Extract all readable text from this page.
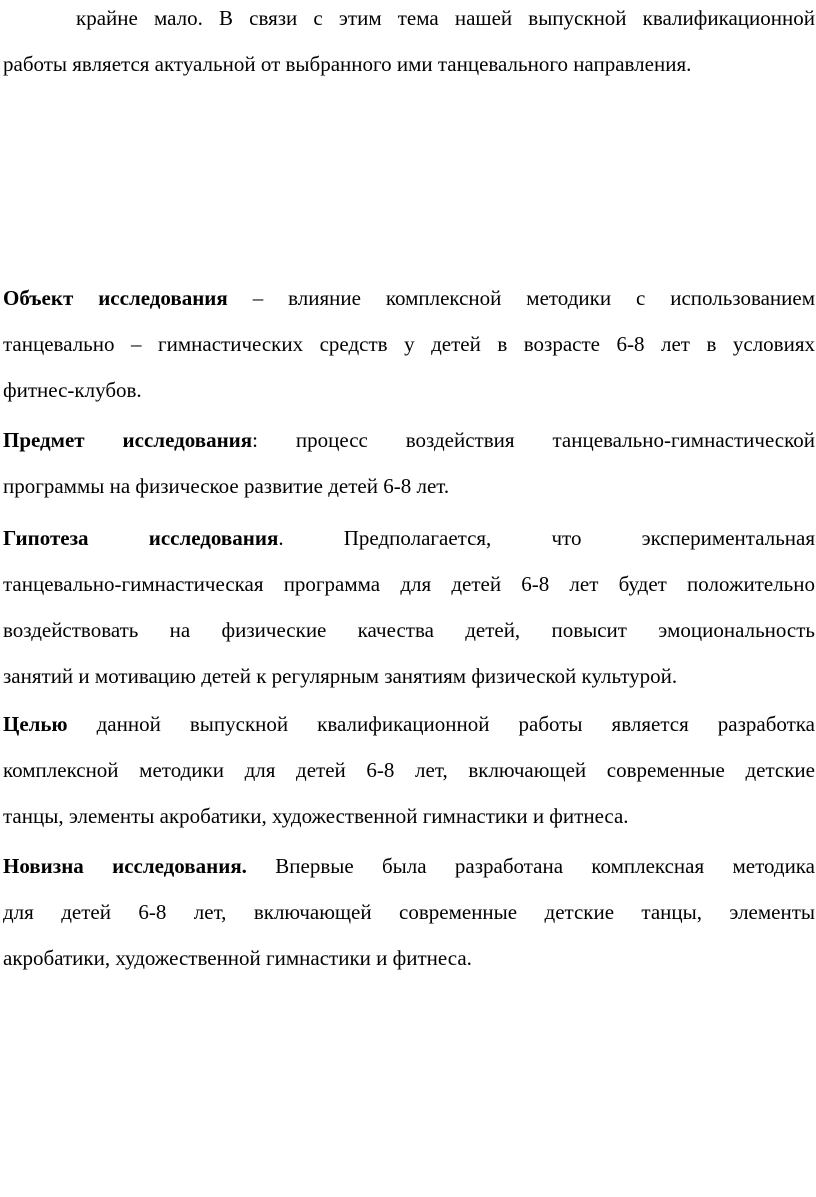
крайне мало. В связи с этим тема нашей выпускной квалификационной
работы является актуальной от выбранного ими танцевального направления.
Объект исследования – влияние комплексной методики с использованием
танцевально – гимнастических средств у детей в возрасте 6-8 лет в условиях
фитнес-клубов.
Предмет исследования: процесс воздействия танцевально-гимнастической
программы на физическое развитие детей 6-8 лет.
Гипотеза исследования. Предполагается, что экспериментальная
танцевально-гимнастическая программа для детей 6-8 лет будет положительно
воздействовать на физические качества детей, повысит эмоциональность
занятий и мотивацию детей к регулярным занятиям физической культурой.
Целью данной выпускной квалификационной работы является разработка
комплексной методики для детей 6-8 лет, включающей современные детские
танцы, элементы акробатики, художественной гимнастики и фитнеса.
Новизна исследования. Впервые была разработана комплексная методика
для детей 6-8 лет, включающей современные детские танцы, элементы
акробатики, художественной гимнастики и фитнеса.
